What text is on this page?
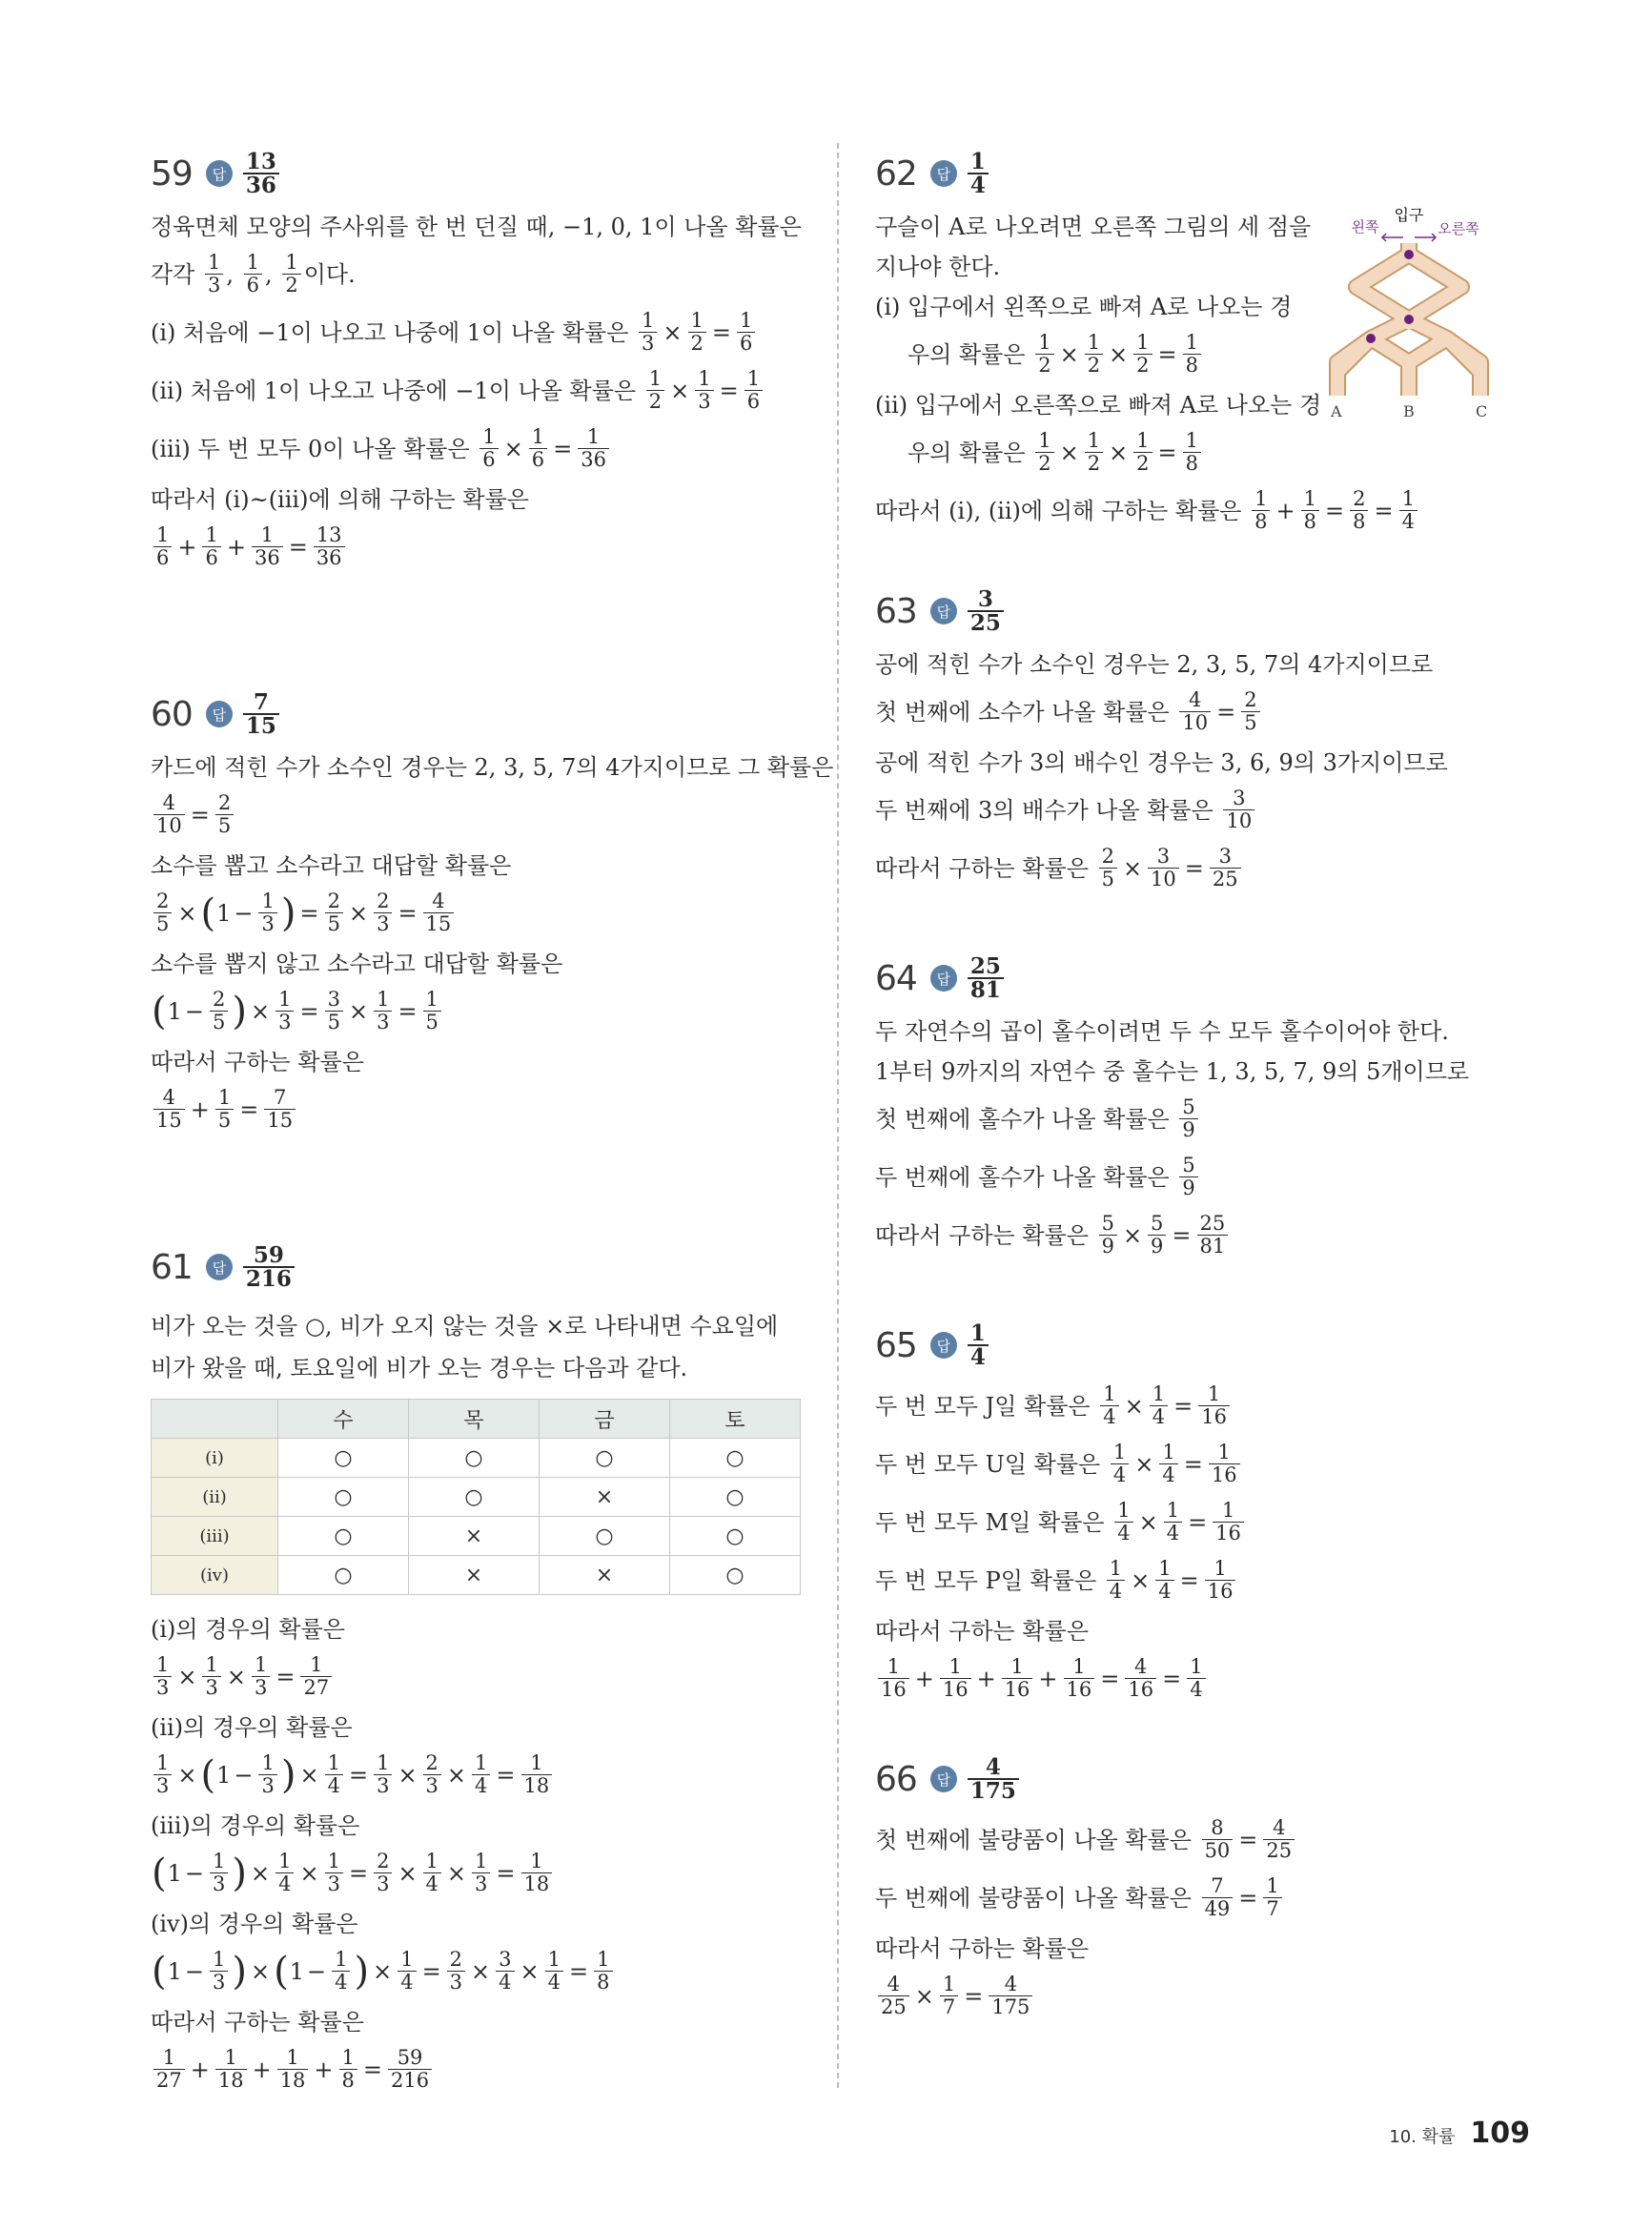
59	답 $\frac{13}{36}$
정육면체 모양의 주사위를 한 번 던질 때, −1, 0, 1이 나올 확률은
각각
$\frac{1}{3}$ ,
$\frac{1}{6}$ ,
$\frac{1}{2}$ 이다.
(ⅰ) 처음에 −1이 나오고 나중에 1이 나올 확률은
$\frac{1}{3} \times \frac{1}{2} = \frac{1}{6}$
(ⅱ) 처음에 1이 나오고 나중에 −1이 나올 확률은
$\frac{1}{2} \times \frac{1}{3} = \frac{1}{6}$
(ⅲ) 두 번 모두 0이 나올 확률은
$\frac{1}{6} \times \frac{1}{6} = \frac{1}{36}$
따라서 (ⅰ)~(ⅲ)에 의해 구하는 확률은
$\frac{1}{6} + \frac{1}{6} + \frac{1}{36} = \frac{13}{36}$
60	답 $\frac{7}{15}$
카드에 적힌 수가 소수인 경우는 2, 3, 5, 7의 4가지이므로 그 확률은
$\frac{4}{10} = \frac{2}{5}$
소수를 뽑고 소수라고 대답할 확률은
$\frac{2}{5}$ × ( $1 - \frac{1}{3}$ ) = $\frac{2}{5} \times \frac{2}{3} = \frac{4}{15}$
소수를 뽑지 않고 소수라고 대답할 확률은
( $1 - \frac{2}{5}$ ) × $\frac{1}{3} = \frac{3}{5} \times \frac{1}{3} = \frac{1}{5}$
따라서 구하는 확률은
$\frac{4}{15} + \frac{1}{5} = \frac{7}{15}$
61	답 $\frac{59}{216}$
비가 오는 것을 ○, 비가 오지 않는 것을 ×로 나타내면 수요일에 비가 왔을 때, 토요일에 비가 오는 경우는 다음과 같다.
	수	목	금	토
(ⅰ)	○	○	○	○
(ⅱ)	○	○	×	○
(ⅲ)	○	×	○	○
(ⅳ)	○	×	×	○
(ⅰ)의 경우의 확률은
$\frac{1}{3} \times \frac{1}{3} \times \frac{1}{3} = \frac{1}{27}$
(ⅱ)의 경우의 확률은
$\frac{1}{3}$ × ( $1 - \frac{1}{3}$ ) × $\frac{1}{4} = \frac{1}{3} \times \frac{2}{3} \times \frac{1}{4} = \frac{1}{18}$
(ⅲ)의 경우의 확률은
( $1 - \frac{1}{3}$ ) × $\frac{1}{4} \times \frac{1}{3} = \frac{2}{3} \times \frac{1}{4} \times \frac{1}{3} = \frac{1}{18}$
(ⅳ)의 경우의 확률은
( $1 - \frac{1}{3}$ ) × ( $1 - \frac{1}{4}$ ) × $\frac{1}{4} = \frac{2}{3} \times \frac{3}{4} \times \frac{1}{4} = \frac{1}{8}$
따라서 구하는 확률은
$\frac{1}{27} + \frac{1}{18} + \frac{1}{18} + \frac{1}{8} = \frac{59}{216}$
62	답 $\frac{1}{4}$
구슬이 A로 나오려면 오른쪽 그림의 세 점을
지나야 한다.
(ⅰ) 입구에서 왼쪽으로 빠져 A로 나오는 경
우의 확률은
$\frac{1}{2} \times \frac{1}{2} \times \frac{1}{2} = \frac{1}{8}$
(ⅱ) 입구에서 오른쪽으로 빠져 A로 나오는 경
우의 확률은
$\frac{1}{2} \times \frac{1}{2} \times \frac{1}{2} = \frac{1}{8}$
따라서 (ⅰ), (ⅱ)에 의해 구하는 확률은
$\frac{1}{8} + \frac{1}{8} = \frac{2}{8} = \frac{1}{4}$
63	답 $\frac{3}{25}$
공에 적힌 수가 소수인 경우는 2, 3, 5, 7의 4가지이므로
첫 번째에 소수가 나올 확률은
$\frac{4}{10} = \frac{2}{5}$
공에 적힌 수가 3의 배수인 경우는 3, 6, 9의 3가지이므로
두 번째에 3의 배수가 나올 확률은
$\frac{3}{10}$
따라서 구하는 확률은
$\frac{2}{5} \times \frac{3}{10} = \frac{3}{25}$
64	답 $\frac{25}{81}$
두 자연수의 곱이 홀수이려면 두 수 모두 홀수이어야 한다.
1부터 9까지의 자연수 중 홀수는 1, 3, 5, 7, 9의 5개이므로
첫 번째에 홀수가 나올 확률은
$\frac{5}{9}$
두 번째에 홀수가 나올 확률은
$\frac{5}{9}$
따라서 구하는 확률은
$\frac{5}{9} \times \frac{5}{9} = \frac{25}{81}$
65	답 $\frac{1}{4}$
두 번 모두 J일 확률은
$\frac{1}{4} \times \frac{1}{4} = \frac{1}{16}$
두 번 모두 U일 확률은
$\frac{1}{4} \times \frac{1}{4} = \frac{1}{16}$
두 번 모두 M일 확률은
$\frac{1}{4} \times \frac{1}{4} = \frac{1}{16}$
두 번 모두 P일 확률은
$\frac{1}{4} \times \frac{1}{4} = \frac{1}{16}$
따라서 구하는 확률은
$\frac{1}{16} + \frac{1}{16} + \frac{1}{16} + \frac{1}{16} = \frac{4}{16} = \frac{1}{4}$
66	답 $\frac{4}{175}$
첫 번째에 불량품이 나올 확률은
$\frac{8}{50} = \frac{4}{25}$
두 번째에 불량품이 나올 확률은
$\frac{7}{49} = \frac{1}{7}$
따라서 구하는 확률은
$\frac{4}{25} \times \frac{1}{7} = \frac{4}{175}$
입구
왼쪽	오른쪽
A	B	C
10. 확률 109
